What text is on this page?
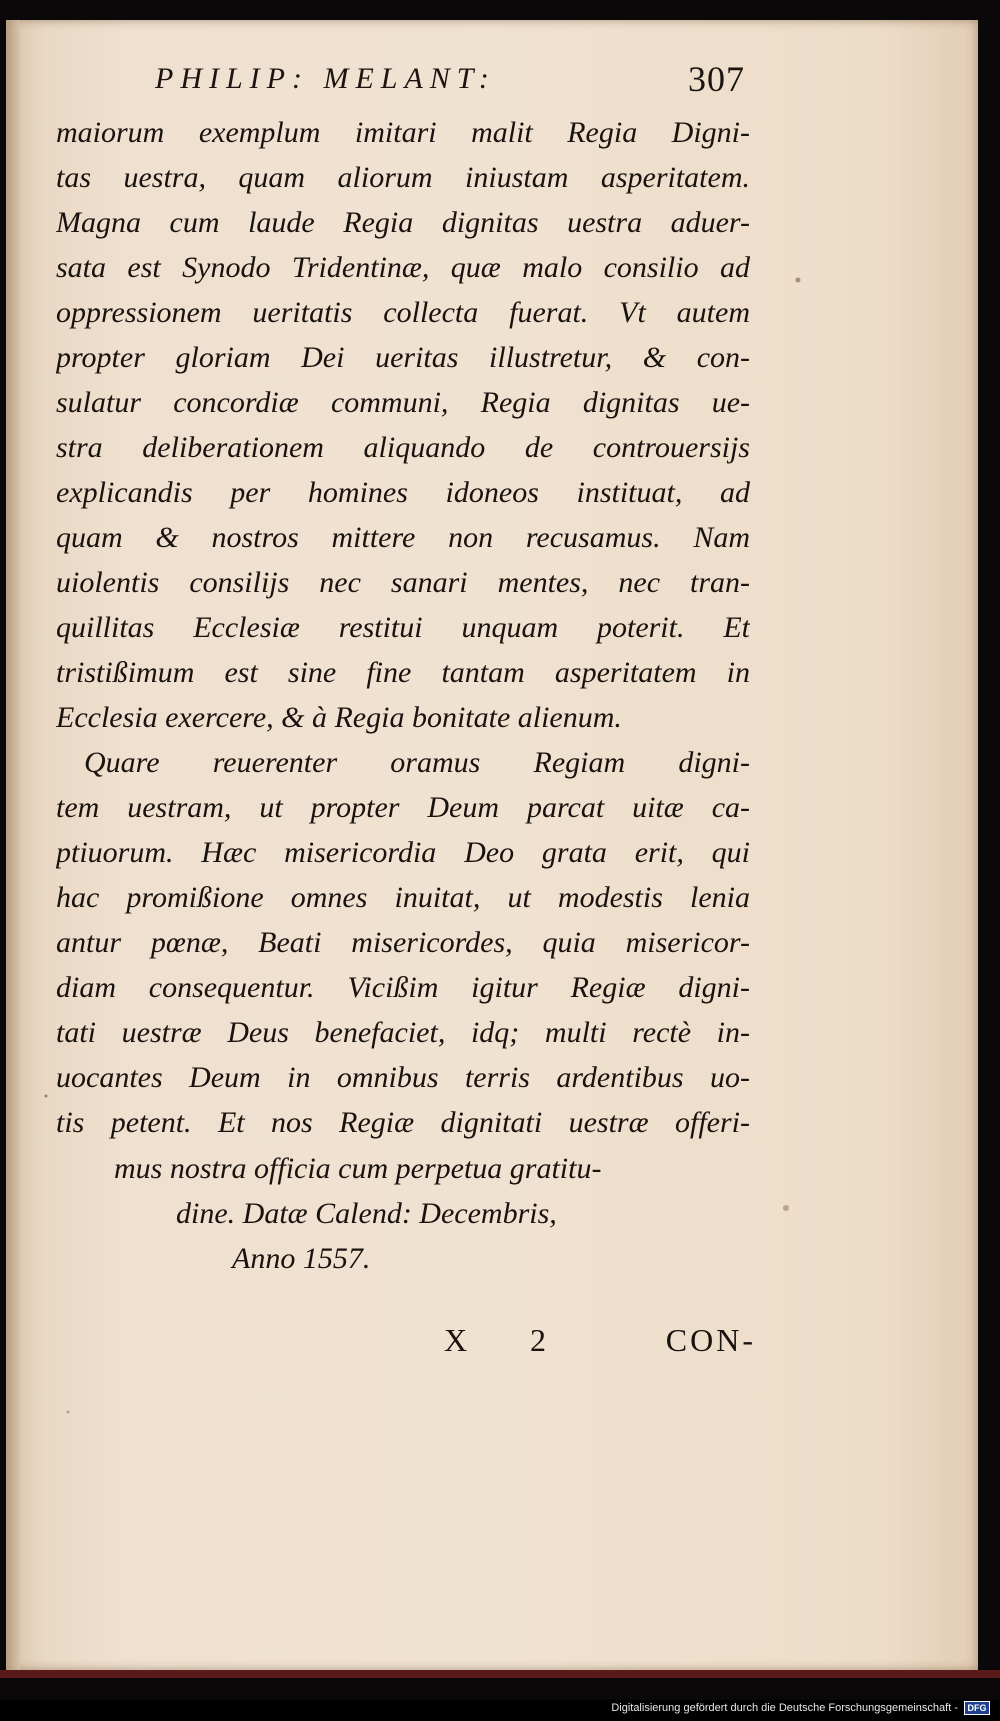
PHILIP: MELANT:	307
maiorum exemplum imitari malit Regia Digni-
tas uestra, quam aliorum iniustam asperitatem.
Magna cum laude Regia dignitas uestra aduer-
sata est Synodo Tridentinæ, quæ malo consilio ad
oppressionem ueritatis collecta fuerat. Vt autem
propter gloriam Dei ueritas illustretur, & con-
sulatur concordiæ communi, Regia dignitas ue-
stra deliberationem aliquando de controuersijs
explicandis per homines idoneos instituat, ad
quam & nostros mittere non recusamus. Nam
uiolentis consilijs nec sanari mentes, nec tran-
quillitas Ecclesiæ restitui unquam poterit. Et
tristißimum est sine fine tantam asperitatem in
Ecclesia exercere, & à Regia bonitate alienum.
Quare reuerenter oramus Regiam digni-
tem uestram, ut propter Deum parcat uitæ ca-
ptiuorum. Hæc misericordia Deo grata erit, qui
hac promißione omnes inuitat, ut modestis lenia
antur pœnæ, Beati misericordes, quia misericor-
diam consequentur. Vicißim igitur Regiæ digni-
tati uestræ Deus benefaciet, idq; multi rectè in-
uocantes Deum in omnibus terris ardentibus uo-
tis petent. Et nos Regiæ dignitati uestræ offeri-
mus nostra officia cum perpetua gratitu-
dine. Datæ Calend: Decembris,
Anno 1557.
X 2	CON-
Digitalisierung gefördert durch die Deutsche Forschungsgemeinschaft -	DFG
